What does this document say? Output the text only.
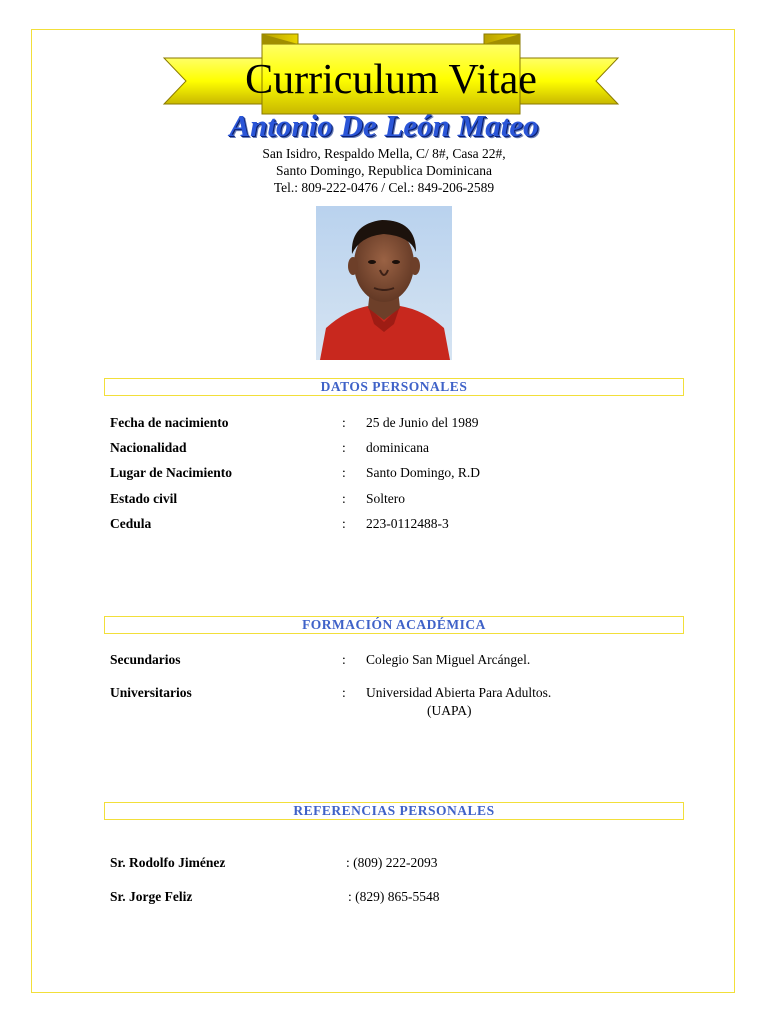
Curriculum Vitae
Antonio De León Mateo
San Isidro, Respaldo Mella, C/ 8#, Casa 22#,
Santo Domingo, Republica Dominicana
Tel.: 809-222-0476 / Cel.: 849-206-2589
DATOS PERSONALES
Fecha de nacimiento	: 25 de Junio del 1989
Nacionalidad	: dominicana
Lugar de Nacimiento	: Santo Domingo, R.D
Estado civil	: Soltero
Cedula	: 223-0112488-3
FORMACIÓN ACADÉMICA
Secundarios	: Colegio San Miguel Arcángel.
Universitarios	: Universidad Abierta Para Adultos.
(UAPA)
REFERENCIAS PERSONALES
Sr. Rodolfo Jiménez	: (809) 222-2093
Sr. Jorge Feliz	: (829) 865-5548
